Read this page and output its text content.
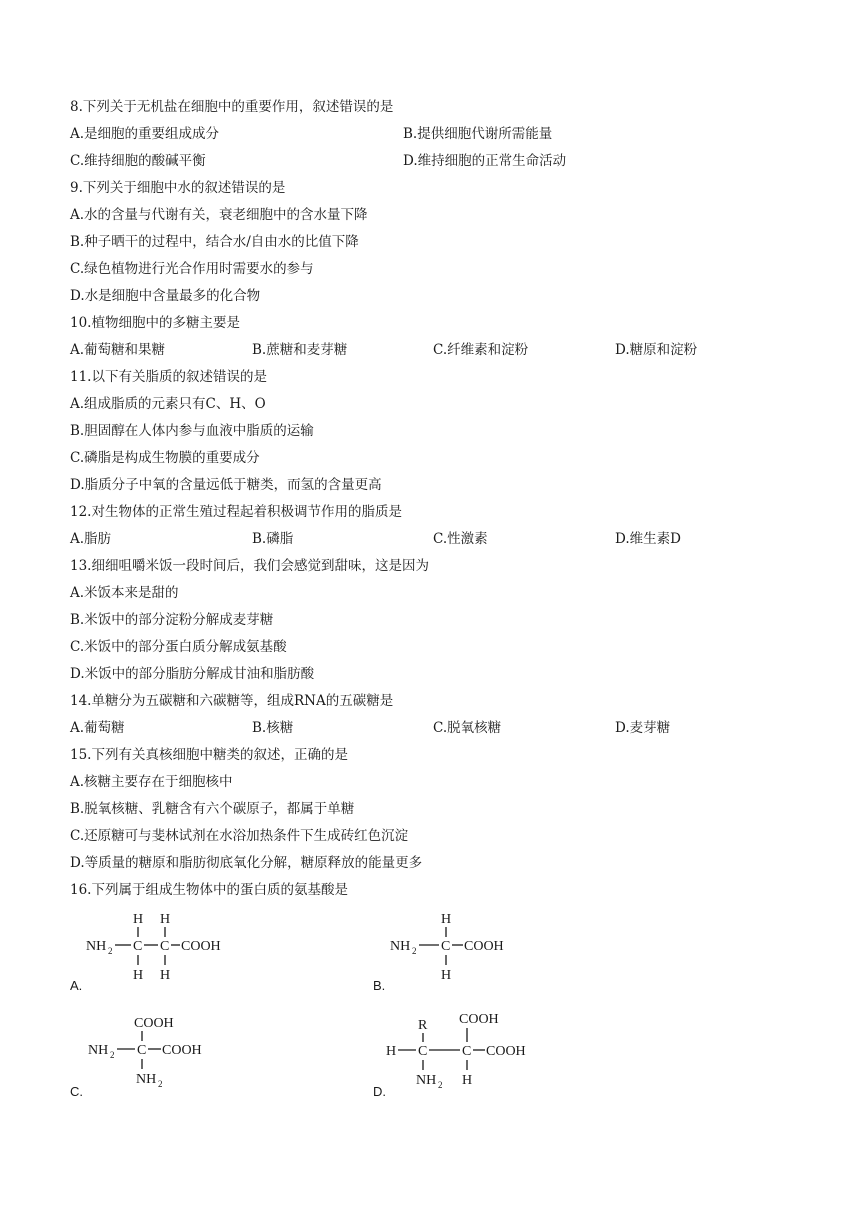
8.下列关于无机盐在细胞中的重要作用，叙述错误的是
A.是细胞的重要组成成分	B.提供细胞代谢所需能量
C.维持细胞的酸碱平衡	D.维持细胞的正常生命活动
9.下列关于细胞中水的叙述错误的是
A.水的含量与代谢有关，衰老细胞中的含水量下降
B.种子晒干的过程中，结合水/自由水的比值下降
C.绿色植物进行光合作用时需要水的参与
D.水是细胞中含量最多的化合物
10.植物细胞中的多糖主要是
A.葡萄糖和果糖	B.蔗糖和麦芽糖	C.纤维素和淀粉	D.糖原和淀粉
11.以下有关脂质的叙述错误的是
A.组成脂质的元素只有C、H、O
B.胆固醇在人体内参与血液中脂质的运输
C.磷脂是构成生物膜的重要成分
D.脂质分子中氧的含量远低于糖类，而氢的含量更高
12.对生物体的正常生殖过程起着积极调节作用的脂质是
A.脂肪	B.磷脂	C.性激素	D.维生素D
13.细细咀嚼米饭一段时间后，我们会感觉到甜味，这是因为
A.米饭本来是甜的
B.米饭中的部分淀粉分解成麦芽糖
C.米饭中的部分蛋白质分解成氨基酸
D.米饭中的部分脂肪分解成甘油和脂肪酸
14.单糖分为五碳糖和六碳糖等，组成RNA的五碳糖是
A.葡萄糖	B.核糖	C.脱氧核糖	D.麦芽糖
15.下列有关真核细胞中糖类的叙述，正确的是
A.核糖主要存在于细胞核中
B.脱氧核糖、乳糖含有六个碳原子，都属于单糖
C.还原糖可与斐林试剂在水浴加热条件下生成砖红色沉淀
D.等质量的糖原和脂肪彻底氧化分解，糖原释放的能量更多
16.下列属于组成生物体中的蛋白质的氨基酸是
H H
NH 2 C C COOH
H H
A.
H
NH 2 C COOH
H
B.
COOH
NH 2 C COOH
NH 2
C.
R COOH
H C C COOH
NH 2 H
D.
